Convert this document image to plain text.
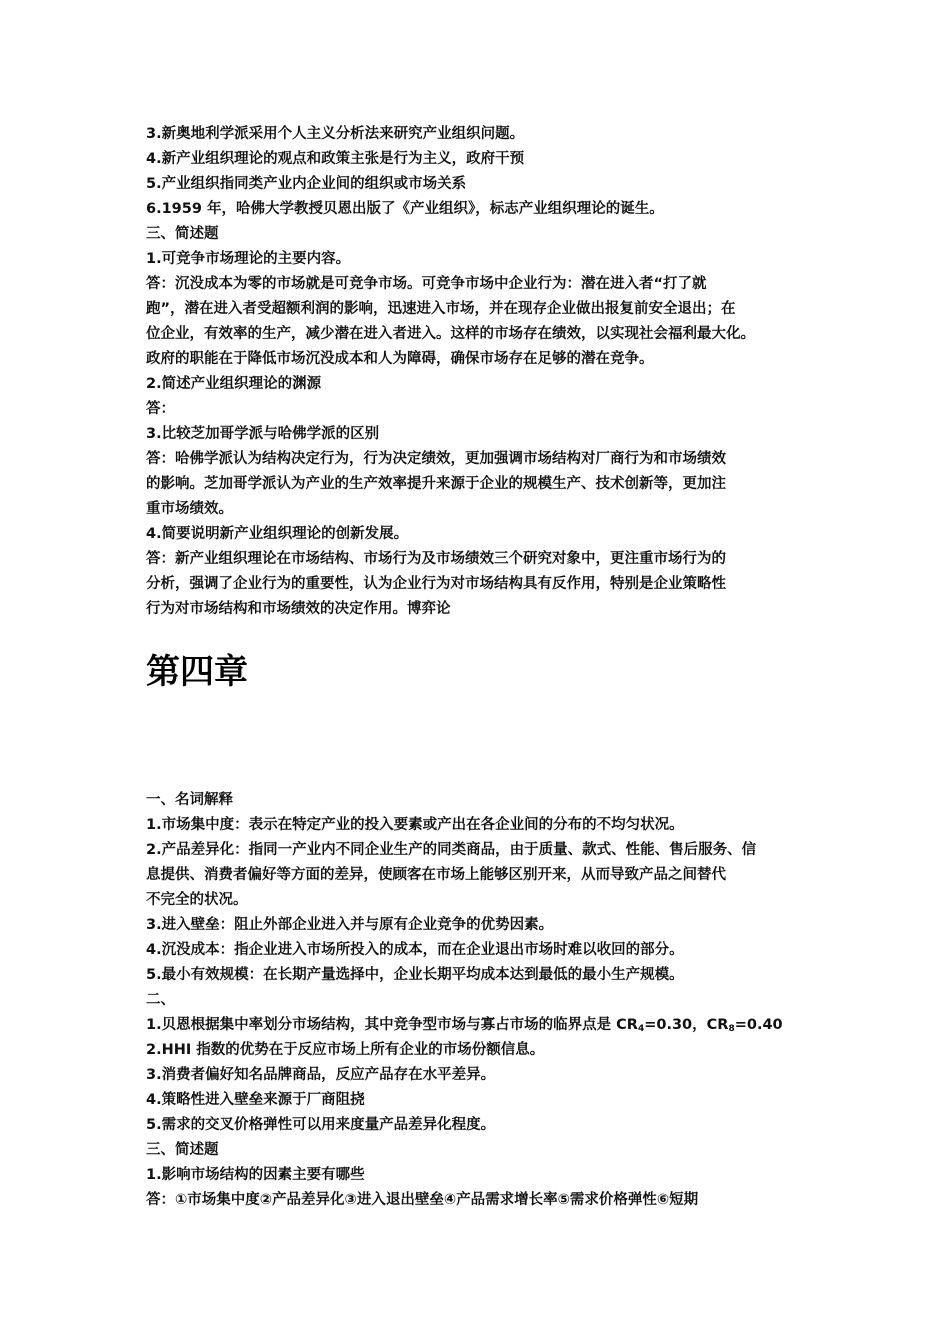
3.新奥地利学派采用个人主义分析法来研究产业组织问题。
4.新产业组织理论的观点和政策主张是行为主义，政府干预
5.产业组织指同类产业内企业间的组织或市场关系
6.1959 年，哈佛大学教授贝恩出版了《产业组织》，标志产业组织理论的诞生。
三、简述题
1.可竞争市场理论的主要内容。
答：沉没成本为零的市场就是可竞争市场。可竞争市场中企业行为：潜在进入者“打了就
跑”，潜在进入者受超额利润的影响，迅速进入市场，并在现存企业做出报复前安全退出；在
位企业，有效率的生产，减少潜在进入者进入。这样的市场存在绩效，以实现社会福利最大化。
政府的职能在于降低市场沉没成本和人为障碍，确保市场存在足够的潜在竞争。
2.简述产业组织理论的渊源
答：
3.比较芝加哥学派与哈佛学派的区别
答：哈佛学派认为结构决定行为，行为决定绩效，更加强调市场结构对厂商行为和市场绩效
的影响。芝加哥学派认为产业的生产效率提升来源于企业的规模生产、技术创新等，更加注
重市场绩效。
4.简要说明新产业组织理论的创新发展。
答：新产业组织理论在市场结构、市场行为及市场绩效三个研究对象中，更注重市场行为的
分析，强调了企业行为的重要性，认为企业行为对市场结构具有反作用，特别是企业策略性
行为对市场结构和市场绩效的决定作用。博弈论
第四章
一、名词解释
1.市场集中度：表示在特定产业的投入要素或产出在各企业间的分布的不均匀状况。
2.产品差异化：指同一产业内不同企业生产的同类商品，由于质量、款式、性能、售后服务、信
息提供、消费者偏好等方面的差异，使顾客在市场上能够区别开来，从而导致产品之间替代
不完全的状况。
3.进入壁垒：阻止外部企业进入并与原有企业竞争的优势因素。
4.沉没成本：指企业进入市场所投入的成本，而在企业退出市场时难以收回的部分。
5.最小有效规模：在长期产量选择中，企业长期平均成本达到最低的最小生产规模。
二、
1.贝恩根据集中率划分市场结构，其中竞争型市场与寡占市场的临界点是 $CR_4=0.30$，$CR_8=0.40$
2.HHI 指数的优势在于反应市场上所有企业的市场份额信息。
3.消费者偏好知名品牌商品，反应产品存在水平差异。
4.策略性进入壁垒来源于厂商阻挠
5.需求的交叉价格弹性可以用来度量产品差异化程度。
三、简述题
1.影响市场结构的因素主要有哪些
答：①市场集中度②产品差异化③进入退出壁垒④产品需求增长率⑤需求价格弹性⑥短期
